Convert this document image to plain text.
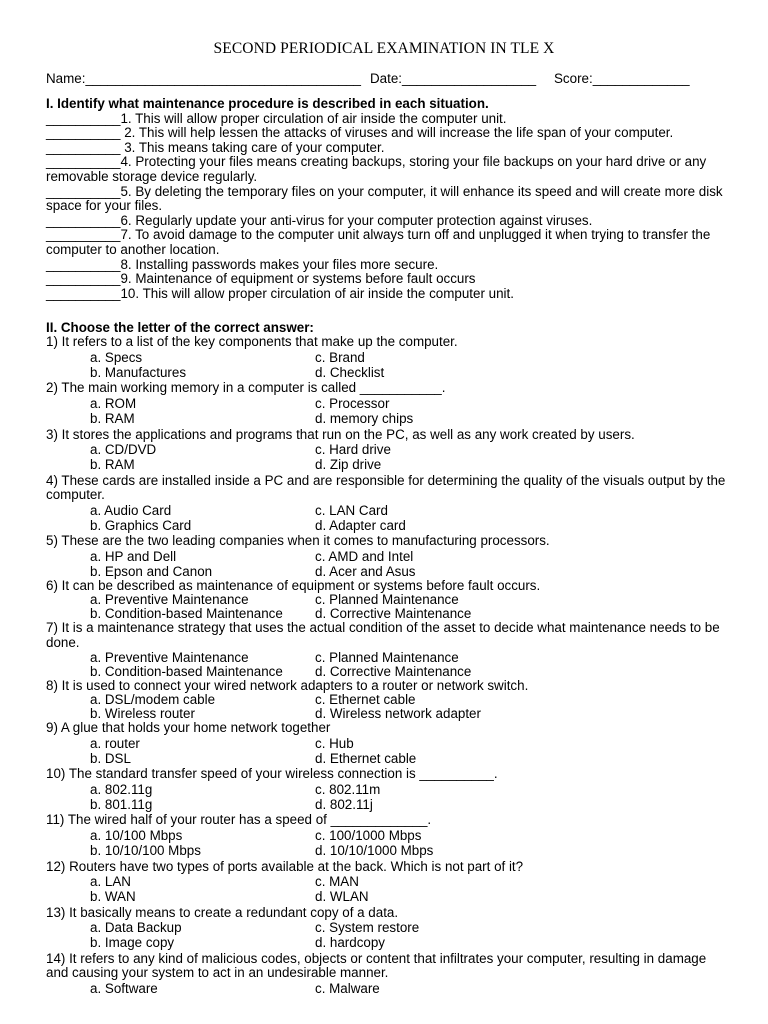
SECOND PERIODICAL EXAMINATION IN TLE X
Name:_____________________________________ Date:__________________ Score:_____________
I. Identify what maintenance procedure is described in each situation.

__________1. This will allow proper circulation of air inside the computer unit.

__________ 2. This will help lessen the attacks of viruses and will increase the life span of your computer.

__________ 3. This means taking care of your computer.

__________4. Protecting your files means creating backups, storing your file backups on your hard drive or any removable storage device regularly.

__________5. By deleting the temporary files on your computer, it will enhance its speed and will create more disk space for your files.

__________6. Regularly update your anti-virus for your computer protection against viruses.

__________7. To avoid damage to the computer unit always turn off and unplugged it when trying to transfer the computer to another location.

__________8. Installing passwords makes your files more secure.

__________9. Maintenance of equipment or systems before fault occurs

__________10. This will allow proper circulation of air inside the computer unit.

II. Choose the letter of the correct answer:

1) It refers to a list of the key components that make up the computer.

a. Specs	c. Brand
b. Manufactures	d. Checklist

2) The main working memory in a computer is called ___________.

a. ROM	c. Processor
b. RAM	d. memory chips

3) It stores the applications and programs that run on the PC, as well as any work created by users.

a. CD/DVD	c. Hard drive
b. RAM	d. Zip drive

4) These cards are installed inside a PC and are responsible for determining the quality of the visuals output by the computer.

a. Audio Card	c. LAN Card
b. Graphics Card	d. Adapter card

5) These are the two leading companies when it comes to manufacturing processors.

a. HP and Dell	c. AMD and Intel
b. Epson and Canon	d. Acer and Asus

6) It can be described as maintenance of equipment or systems before fault occurs.

a. Preventive Maintenance	c. Planned Maintenance
b. Condition-based Maintenance d. Corrective Maintenance

7) It is a maintenance strategy that uses the actual condition of the asset to decide what maintenance needs to be done.

a. Preventive Maintenance	c. Planned Maintenance
b. Condition-based Maintenance d. Corrective Maintenance

8) It is used to connect your wired network adapters to a router or network switch.

a. DSL/modem cable	c. Ethernet cable
b. Wireless router	d. Wireless network adapter

9) A glue that holds your home network together

a. router	c. Hub
b. DSL	d. Ethernet cable

10) The standard transfer speed of your wireless connection is __________.

a. 802.11g	c. 802.11m
b. 801.11g	d. 802.11j

11) The wired half of your router has a speed of _____________.

a. 10/100 Mbps	c. 100/1000 Mbps
b. 10/10/100 Mbps	d. 10/10/1000 Mbps

12) Routers have two types of ports available at the back. Which is not part of it?

a. LAN	c. MAN
b. WAN	d. WLAN

13) It basically means to create a redundant copy of a data.

a. Data Backup	c. System restore
b. Image copy	d. hardcopy

14) It refers to any kind of malicious codes, objects or content that infiltrates your computer, resulting in damage and causing your system to act in an undesirable manner.

a. Software	c. Malware
